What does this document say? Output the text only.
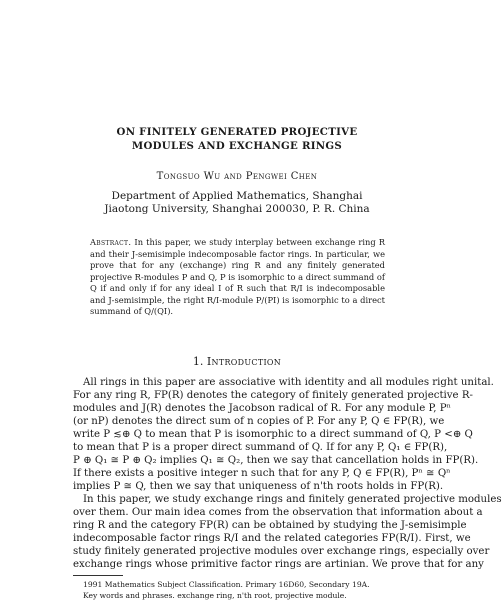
ON FINITELY GENERATED PROJECTIVE
MODULES AND EXCHANGE RINGS
Tongsuo Wu and Pengwei Chen
Department of Applied Mathematics, Shanghai
Jiaotong University, Shanghai 200030, P. R. China
Abstract. In this paper, we study interplay between exchange ring R and their J-semisimple indecomposable factor rings. In particular, we prove that for any (exchange) ring R and any finitely generated projective R-modules P and Q, P is isomorphic to a direct summand of Q if and only if for any ideal I of R such that R/I is indecomposable and J-semisimple, the right R/I-module P/(PI) is isomorphic to a direct summand of Q/(QI).
1. Introduction
All rings in this paper are associative with identity and all modules right unital.
For any ring R, FP(R) denotes the category of finitely generated projective R-
modules and J(R) denotes the Jacobson radical of R. For any module P, Pⁿ
(or nP) denotes the direct sum of n copies of P. For any P, Q ∈ FP(R), we
write P ≲⊕ Q to mean that P is isomorphic to a direct summand of Q, P <⊕ Q
to mean that P is a proper direct summand of Q. If for any P, Q₁ ∈ FP(R),
P ⊕ Q₁ ≅ P ⊕ Q₂ implies Q₁ ≅ Q₂, then we say that cancellation holds in FP(R).
If there exists a positive integer n such that for any P, Q ∈ FP(R), Pⁿ ≅ Qⁿ
implies P ≅ Q, then we say that uniqueness of n'th roots holds in FP(R).
In this paper, we study exchange rings and finitely generated projective modules
over them. Our main idea comes from the observation that information about a
ring R and the category FP(R) can be obtained by studying the J-semisimple
indecomposable factor rings R/I and the related categories FP(R/I). First, we
study finitely generated projective modules over exchange rings, especially over
exchange rings whose primitive factor rings are artinian. We prove that for any
1991 Mathematics Subject Classification. Primary 16D60, Secondary 19A.
Key words and phrases. exchange ring, n'th root, projective module.
